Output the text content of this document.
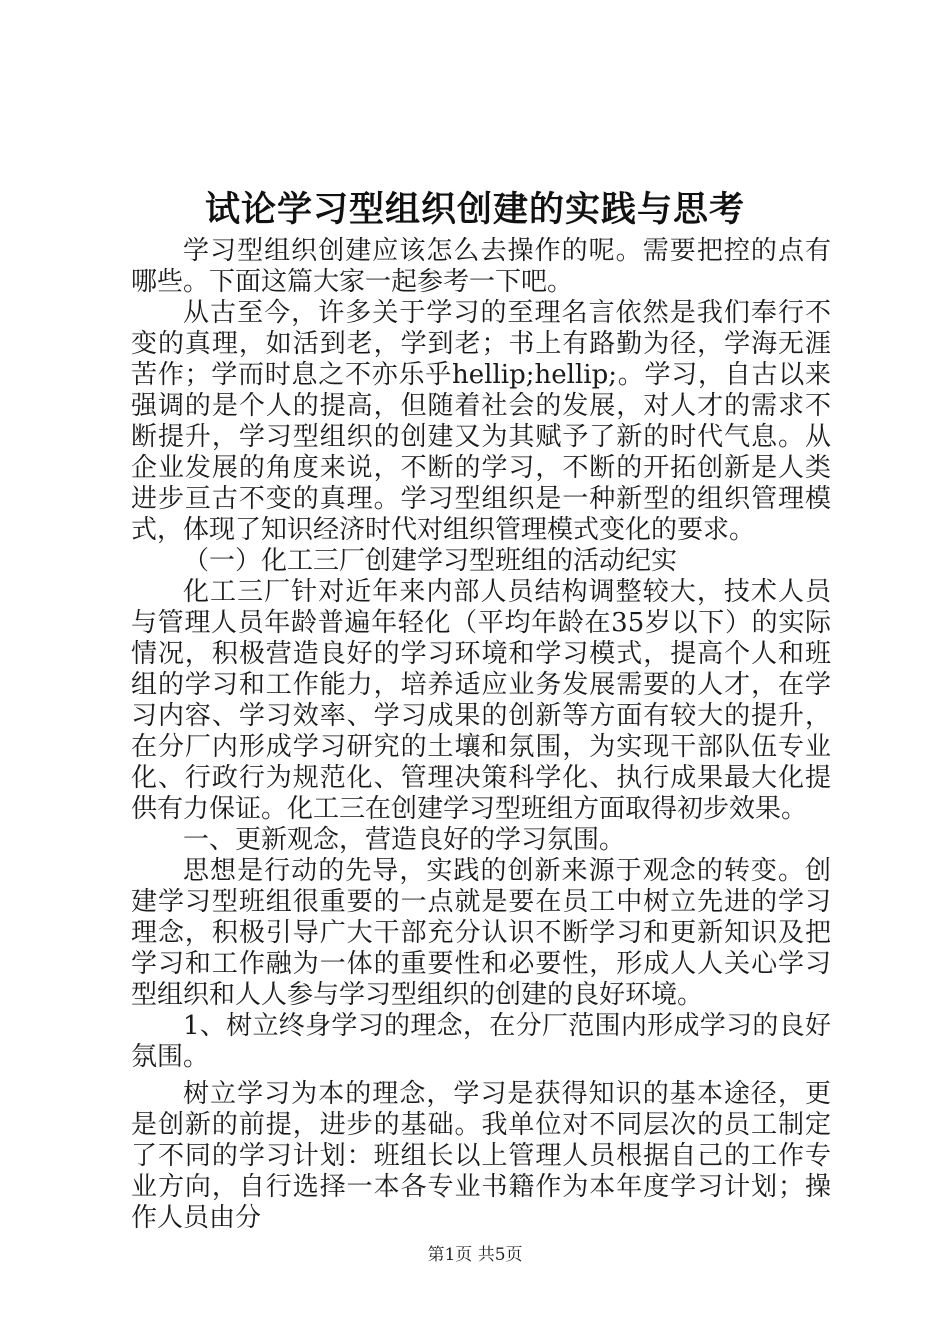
试论学习型组织创建的实践与思考

学习型组织创建应该怎么去操作的呢。需要把控的点有哪些。下面这篇大家一起参考一下吧。

从古至今，许多关于学习的至理名言依然是我们奉行不变的真理，如活到老，学到老；书上有路勤为径，学海无涯苦作；学而时息之不亦乐乎hellip;hellip;。学习，自古以来强调的是个人的提高，但随着社会的发展，对人才的需求不断提升，学习型组织的创建又为其赋予了新的时代气息。从企业发展的角度来说，不断的学习，不断的开拓创新是人类进步亘古不变的真理。学习型组织是一种新型的组织管理模式，体现了知识经济时代对组织管理模式变化的要求。

（一）化工三厂创建学习型班组的活动纪实

化工三厂针对近年来内部人员结构调整较大，技术人员与管理人员年龄普遍年轻化（平均年龄在35岁以下）的实际情况，积极营造良好的学习环境和学习模式，提高个人和班组的学习和工作能力，培养适应业务发展需要的人才，在学习内容、学习效率、学习成果的创新等方面有较大的提升，在分厂内形成学习研究的土壤和氛围，为实现干部队伍专业化、行政行为规范化、管理决策科学化、执行成果最大化提供有力保证。化工三在创建学习型班组方面取得初步效果。

一、更新观念，营造良好的学习氛围。

思想是行动的先导，实践的创新来源于观念的转变。创建学习型班组很重要的一点就是要在员工中树立先进的学习理念，积极引导广大干部充分认识不断学习和更新知识及把学习和工作融为一体的重要性和必要性，形成人人关心学习型组织和人人参与学习型组织的创建的良好环境。

1、树立终身学习的理念，在分厂范围内形成学习的良好氛围。

树立学习为本的理念，学习是获得知识的基本途径，更是创新的前提，进步的基础。我单位对不同层次的员工制定了不同的学习计划：班组长以上管理人员根据自己的工作专业方向，自行选择一本各专业书籍作为本年度学习计划；操作人员由分

第1页 共5页
